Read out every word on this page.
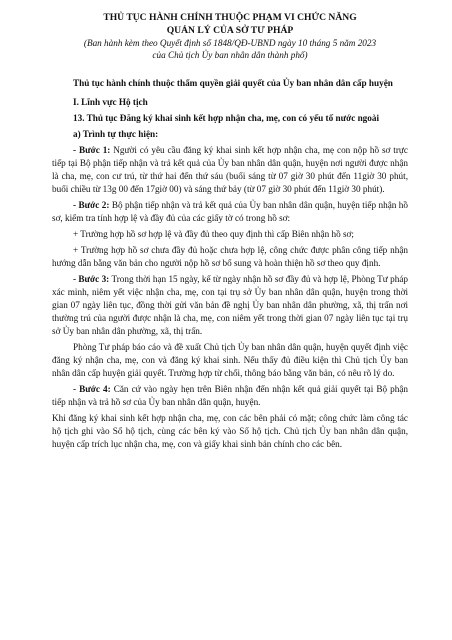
THỦ TỤC HÀNH CHÍNH THUỘC PHẠM VI CHỨC NĂNG

QUẢN LÝ CỦA SỞ TƯ PHÁP

(Ban hành kèm theo Quyết định số 1848/QĐ-UBND ngày 10 tháng 5 năm 2023

của Chủ tịch Ủy ban nhân dân thành phố)

Thủ tục hành chính thuộc thẩm quyền giải quyết của Ủy ban nhân dân cấp huyện

I. Lĩnh vực Hộ tịch

13. Thủ tục Đăng ký khai sinh kết hợp nhận cha, mẹ, con có yếu tố nước ngoài

a) Trình tự thực hiện:

- Bước 1: Người có yêu cầu đăng ký khai sinh kết hợp nhận cha, mẹ con nộp hồ sơ trực tiếp tại Bộ phận tiếp nhận và trả kết quả của Ủy ban nhân dân quận, huyện nơi người được nhận là cha, mẹ, con cư trú, từ thứ hai đến thứ sáu (buổi sáng từ 07 giờ 30 phút đến 11giờ 30 phút, buổi chiều từ 13g 00 đến 17giờ 00) và sáng thứ bảy (từ 07 giờ 30 phút đến 11giờ 30 phút).

- Bước 2: Bộ phận tiếp nhận và trả kết quả của Ủy ban nhân dân quận, huyện tiếp nhận hồ sơ, kiểm tra tính hợp lệ và đầy đủ của các giấy tờ có trong hồ sơ:

+ Trường hợp hồ sơ hợp lệ và đầy đủ theo quy định thì cấp Biên nhận hồ sơ;

+ Trường hợp hồ sơ chưa đầy đủ hoặc chưa hợp lệ, công chức được phân công tiếp nhận hướng dẫn bằng văn bản cho người nộp hồ sơ bổ sung và hoàn thiện hồ sơ theo quy định.

- Bước 3: Trong thời hạn 15 ngày, kể từ ngày nhận hồ sơ đầy đủ và hợp lệ, Phòng Tư pháp xác minh, niêm yết việc nhận cha, mẹ, con tại trụ sở Ủy ban nhân dân quận, huyện trong thời gian 07 ngày liên tục, đồng thời gửi văn bản đề nghị Ủy ban nhân dân phường, xã, thị trấn nơi thường trú của người được nhận là cha, mẹ, con niêm yết trong thời gian 07 ngày liên tục tại trụ sở Ủy ban nhân dân phường, xã, thị trấn.

Phòng Tư pháp báo cáo và đề xuất Chủ tịch Ủy ban nhân dân quận, huyện quyết định việc đăng ký nhận cha, mẹ, con và đăng ký khai sinh. Nếu thấy đủ điều kiện thì Chủ tịch Ủy ban nhân dân cấp huyện giải quyết. Trường hợp từ chối, thông báo bằng văn bản, có nêu rõ lý do.

- Bước 4: Căn cứ vào ngày hẹn trên Biên nhận đến nhận kết quả giải quyết tại Bộ phận tiếp nhận và trả hồ sơ của Ủy ban nhân dân quận, huyện.

Khi đăng ký khai sinh kết hợp nhận cha, mẹ, con các bên phải có mặt; công chức làm công tác hộ tịch ghi vào Sổ hộ tịch, cùng các bên ký vào Sổ hộ tịch. Chủ tịch Ủy ban nhân dân quận, huyện cấp trích lục nhận cha, mẹ, con và giấy khai sinh bản chính cho các bên.
